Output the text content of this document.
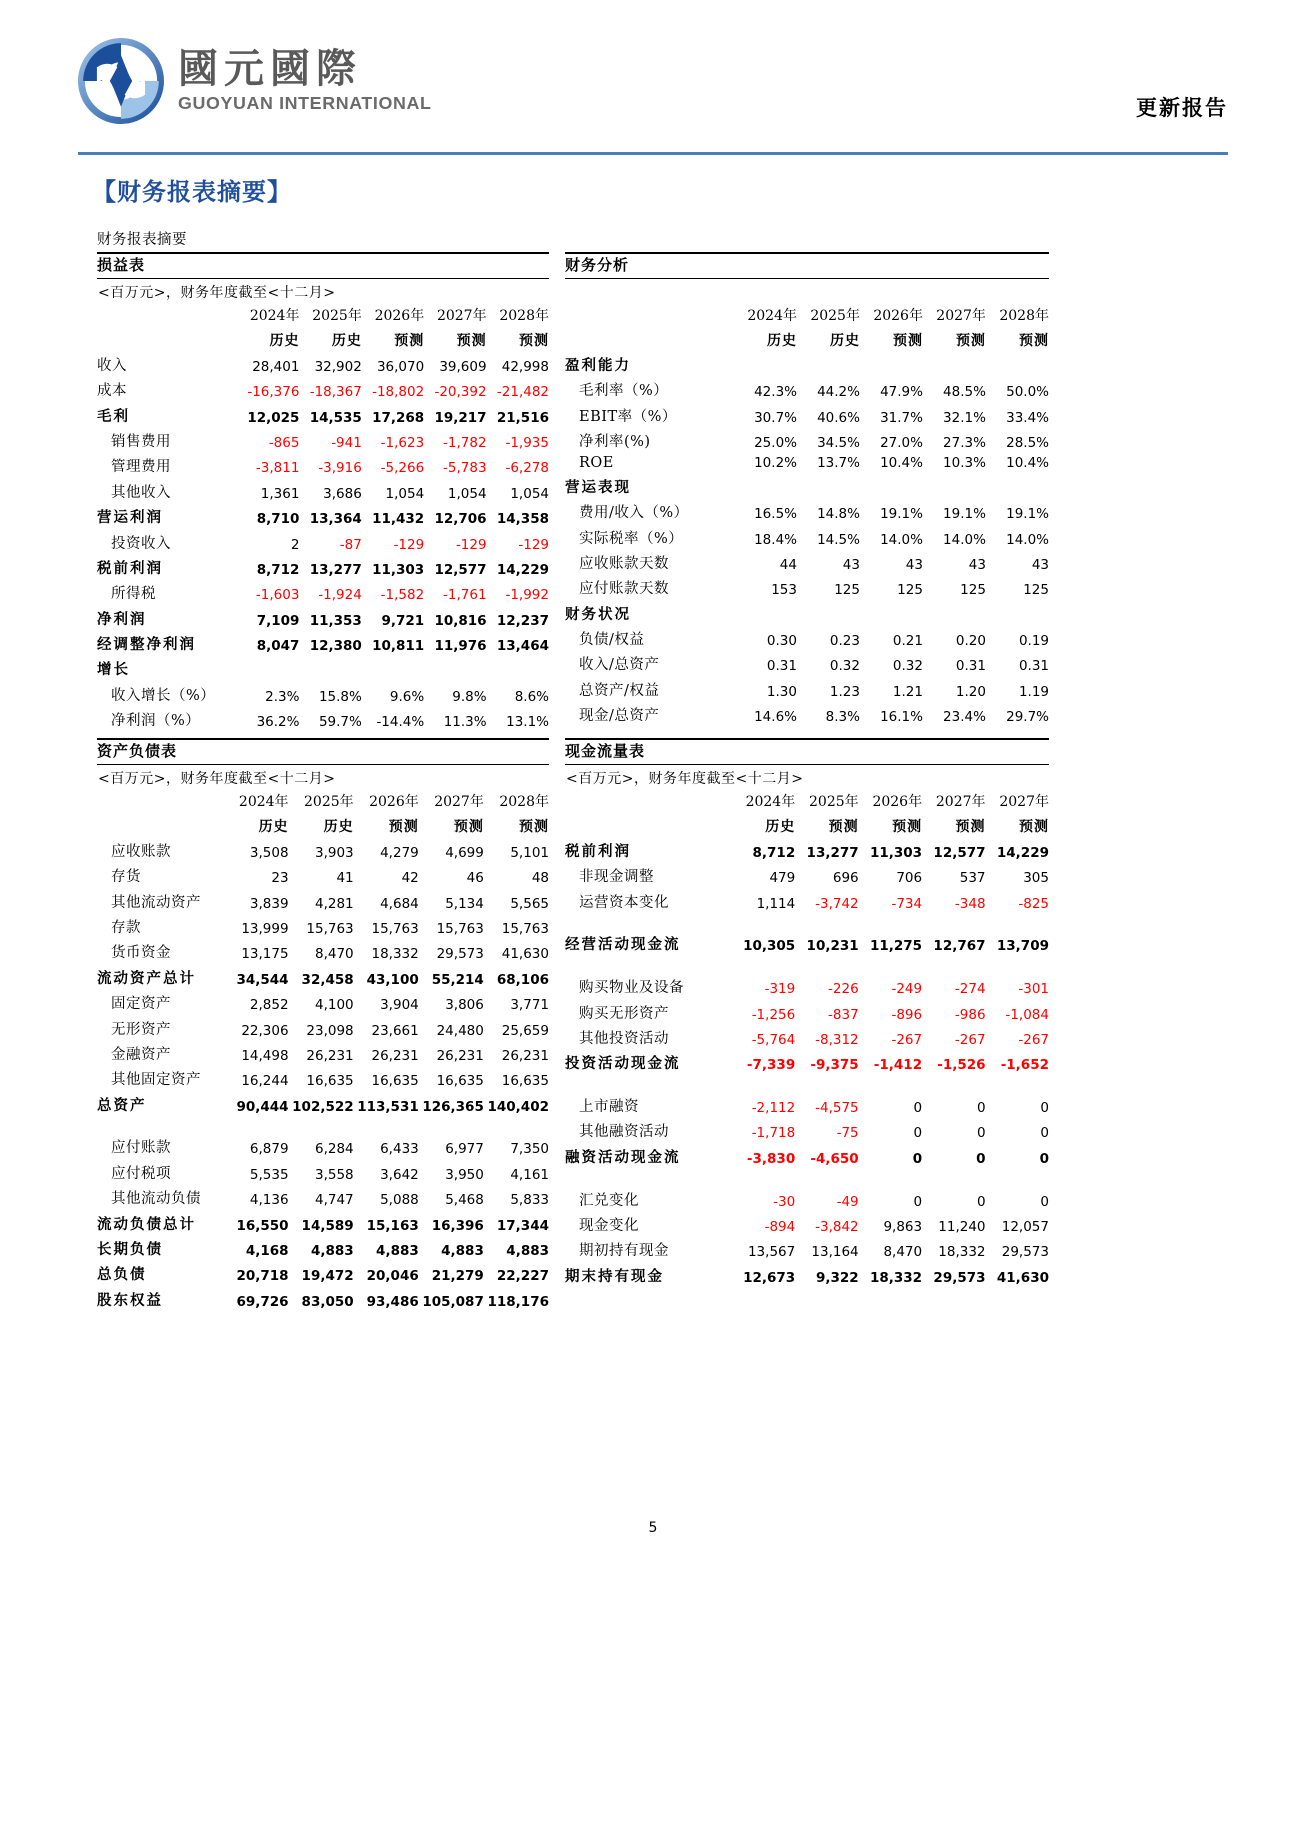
國元國際
GUOYUAN INTERNATIONAL	更新报告
【财务报表摘要】
财务报表摘要
损益表
<百万元>，财务年度截至<十二月>
	2024年	2025年	2026年	2027年	2028年
	历史	历史	预测	预测	预测
收入	28,401	32,902	36,070	39,609	42,998
成本	-16,376	-18,367	-18,802	-20,392	-21,482
毛利	12,025	14,535	17,268	19,217	21,516
销售费用	-865	-941	-1,623	-1,782	-1,935
管理费用	-3,811	-3,916	-5,266	-5,783	-6,278
其他收入	1,361	3,686	1,054	1,054	1,054
营运利润	8,710	13,364	11,432	12,706	14,358
投资收入	2	-87	-129	-129	-129
税前利润	8,712	13,277	11,303	12,577	14,229
所得税	-1,603	-1,924	-1,582	-1,761	-1,992
净利润	7,109	11,353	9,721	10,816	12,237
经调整净利润	8,047	12,380	10,811	11,976	13,464
增长					
收入增长（%）	2.3%	15.8%	9.6%	9.8%	8.6%
净利润（%）	36.2%	59.7%	-14.4%	11.3%	13.1%
财务分析

	2024年	2025年	2026年	2027年	2028年
	历史	历史	预测	预测	预测
盈利能力					
毛利率（%）	42.3%	44.2%	47.9%	48.5%	50.0%
EBIT率（%）	30.7%	40.6%	31.7%	32.1%	33.4%
净利率(%)	25.0%	34.5%	27.0%	27.3%	28.5%
ROE	10.2%	13.7%	10.4%	10.3%	10.4%
营运表现					
费用/收入（%）	16.5%	14.8%	19.1%	19.1%	19.1%
实际税率（%）	18.4%	14.5%	14.0%	14.0%	14.0%
应收账款天数	44	43	43	43	43
应付账款天数	153	125	125	125	125
财务状况					
负债/权益	0.30	0.23	0.21	0.20	0.19
收入/总资产	0.31	0.32	0.32	0.31	0.31
总资产/权益	1.30	1.23	1.21	1.20	1.19
现金/总资产	14.6%	8.3%	16.1%	23.4%	29.7%
资产负债表
<百万元>，财务年度截至<十二月>
	2024年	2025年	2026年	2027年	2028年
	历史	历史	预测	预测	预测
应收账款	3,508	3,903	4,279	4,699	5,101
存货	23	41	42	46	48
其他流动资产	3,839	4,281	4,684	5,134	5,565
存款	13,999	15,763	15,763	15,763	15,763
货币资金	13,175	8,470	18,332	29,573	41,630
流动资产总计	34,544	32,458	43,100	55,214	68,106
固定资产	2,852	4,100	3,904	3,806	3,771
无形资产	22,306	23,098	23,661	24,480	25,659
金融资产	14,498	26,231	26,231	26,231	26,231
其他固定资产	16,244	16,635	16,635	16,635	16,635
总资产	90,444	102,522	113,531	126,365	140,402

应付账款	6,879	6,284	6,433	6,977	7,350
应付税项	5,535	3,558	3,642	3,950	4,161
其他流动负债	4,136	4,747	5,088	5,468	5,833
流动负债总计	16,550	14,589	15,163	16,396	17,344
长期负债	4,168	4,883	4,883	4,883	4,883
总负债	20,718	19,472	20,046	21,279	22,227
股东权益	69,726	83,050	93,486	105,087	118,176
现金流量表
<百万元>，财务年度截至<十二月>
	2024年	2025年	2026年	2027年	2027年
	历史	预测	预测	预测	预测
税前利润	8,712	13,277	11,303	12,577	14,229
非现金调整	479	696	706	537	305
运营资本变化	1,114	-3,742	-734	-348	-825

经营活动现金流	10,305	10,231	11,275	12,767	13,709

购买物业及设备	-319	-226	-249	-274	-301
购买无形资产	-1,256	-837	-896	-986	-1,084
其他投资活动	-5,764	-8,312	-267	-267	-267
投资活动现金流	-7,339	-9,375	-1,412	-1,526	-1,652

上市融资	-2,112	-4,575	0	0	0
其他融资活动	-1,718	-75	0	0	0
融资活动现金流	-3,830	-4,650	0	0	0

汇兑变化	-30	-49	0	0	0
现金变化	-894	-3,842	9,863	11,240	12,057
期初持有现金	13,567	13,164	8,470	18,332	29,573
期末持有现金	12,673	9,322	18,332	29,573	41,630
5
